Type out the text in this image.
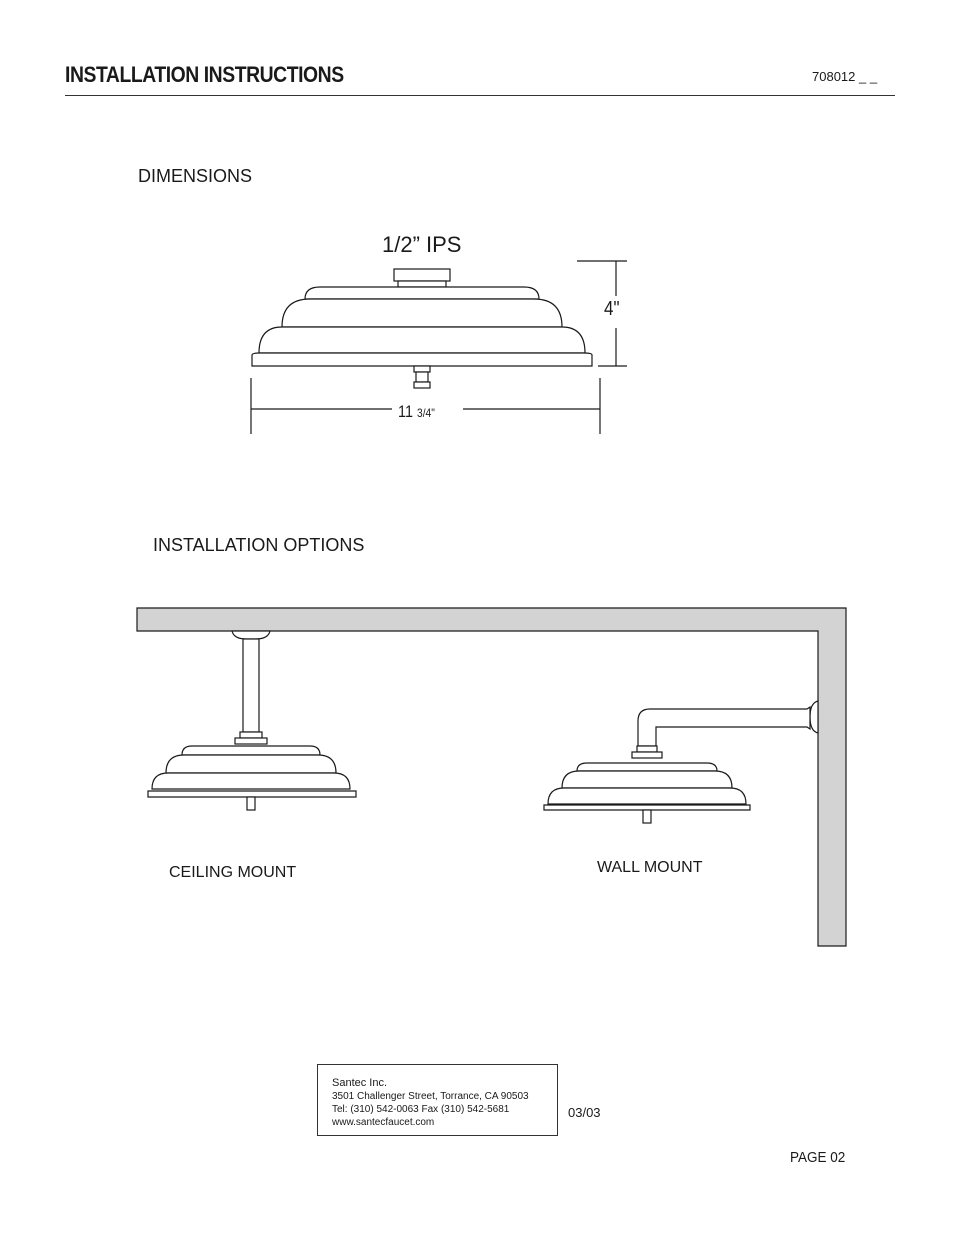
INSTALLATION INSTRUCTIONS	708012 _ _
DIMENSIONS
INSTALLATION OPTIONS
1/2” IPS
4"
11 3/4"
CEILING MOUNT	WALL MOUNT
Santec Inc.
3501 Challenger Street, Torrance, CA 90503
Tel: (310) 542-0063 Fax (310) 542-5681
www.santecfaucet.com
03/03
PAGE 02
